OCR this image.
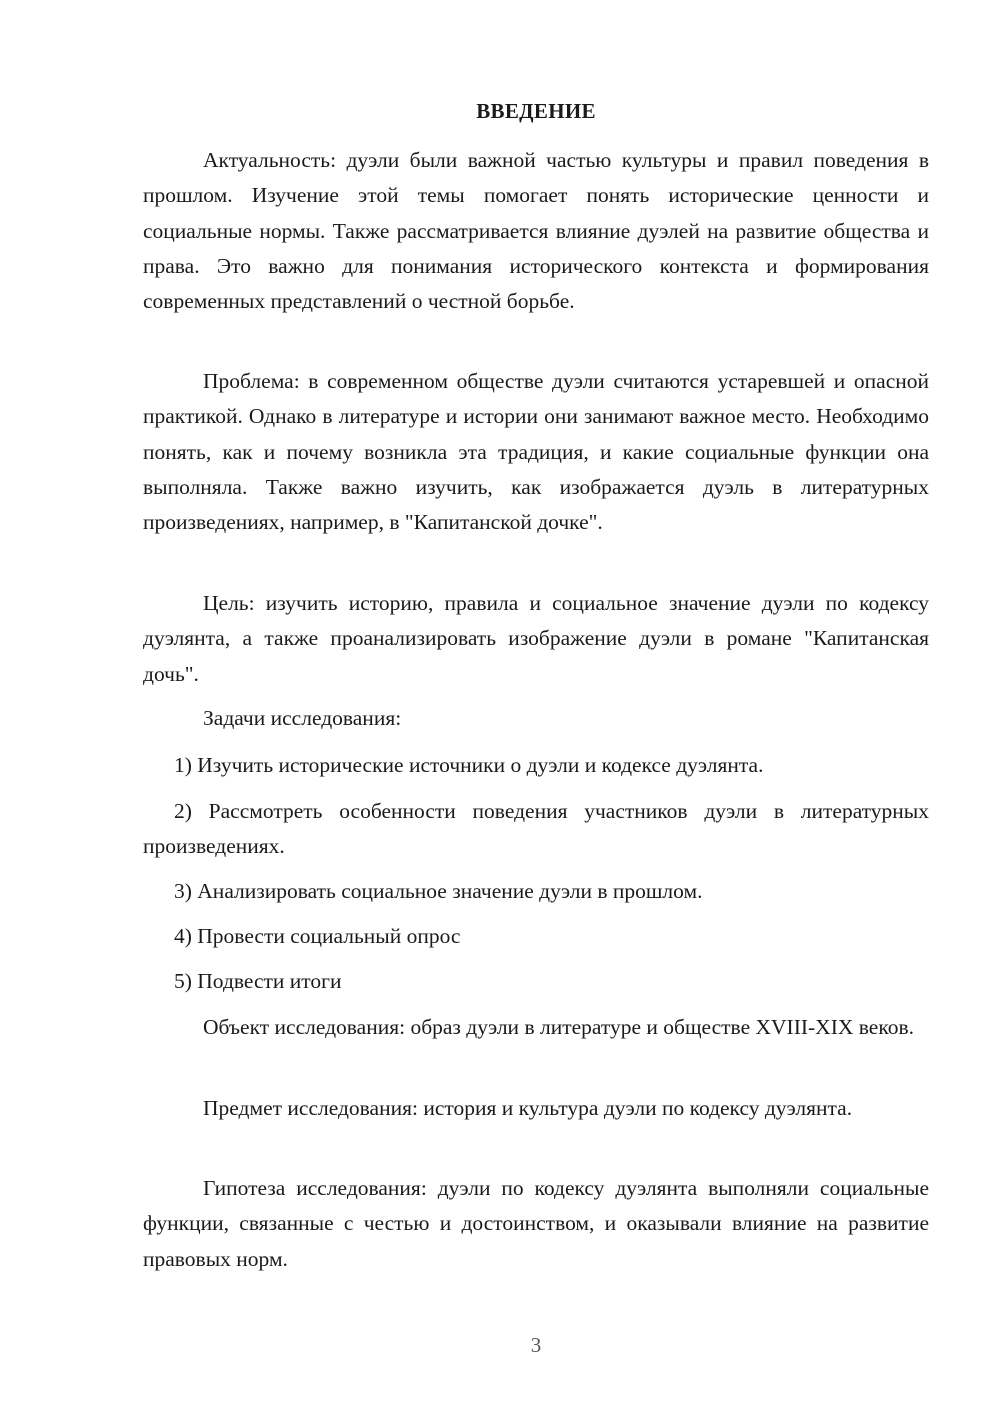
ВВЕДЕНИЕ

Актуальность: дуэли были важной частью культуры и правил поведения в прошлом. Изучение этой темы помогает понять исторические ценности и социальные нормы. Также рассматривается влияние дуэлей на развитие общества и права. Это важно для понимания исторического контекста и формирования современных представлений о честной борьбе.

Проблема: в современном обществе дуэли считаются устаревшей и опасной практикой. Однако в литературе и истории они занимают важное место. Необходимо понять, как и почему возникла эта традиция, и какие социальные функции она выполняла. Также важно изучить, как изображается дуэль в литературных произведениях, например, в "Капитанской дочке".

Цель: изучить историю, правила и социальное значение дуэли по кодексу дуэлянта, а также проанализировать изображение дуэли в романе "Капитанская дочь".

Задачи исследования:

1) Изучить исторические источники о дуэли и кодексе дуэлянта.

2) Рассмотреть особенности поведения участников дуэли в литературных произведениях.

3) Анализировать социальное значение дуэли в прошлом.

4) Провести социальный опрос

5) Подвести итоги

Объект исследования: образ дуэли в литературе и обществе XVIII-XIX веков.

Предмет исследования: история и культура дуэли по кодексу дуэлянта.

Гипотеза исследования: дуэли по кодексу дуэлянта выполняли социальные функции, связанные с честью и достоинством, и оказывали влияние на развитие правовых норм.

3
